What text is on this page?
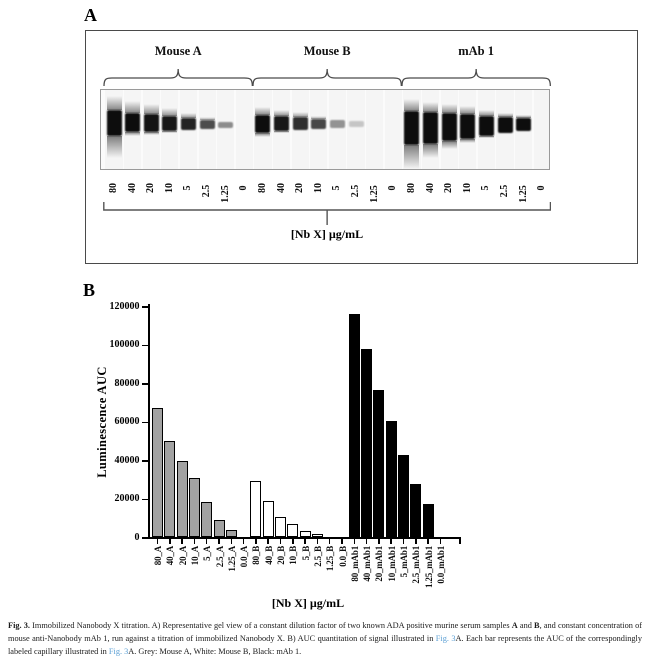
A
[Nb X] µg/mL
80 40 20 10 5 2.5 1.25 0 80 40 20 10 5 2.5 1.25 0 80 40 20 10 5 2.5 1.25 0
Mouse A	Mouse B	mAb 1
B
Luminescence AUC
[Nb X] µg/mL
0
20000
40000
60000
80000
100000
120000
80_A 40_A 20_A 10_A 5_A 2.5_A 1.25_A 0.0_A 80_B 40_B 20_B 10_B 5_B 2.5_B 1.25_B 0.0_B 80_mAb1 40_mAb1 20_mAb1 10_mAb1 5_mAb1 2.5_mAb1 1.25_mAb1 0.0_mAb1
Fig. 3. Immobilized Nanobody X titration. A) Representative gel view of a constant dilution factor of two known ADA positive murine serum samples A and B, and constant concentration of mouse anti-Nanobody mAb 1, run against a titration of immobilized Nanobody X. B) AUC quantitation of signal illustrated in Fig. 3A. Each bar represents the AUC of the correspondingly labeled capillary illustrated in Fig. 3A. Grey: Mouse A, White: Mouse B, Black: mAb 1.
